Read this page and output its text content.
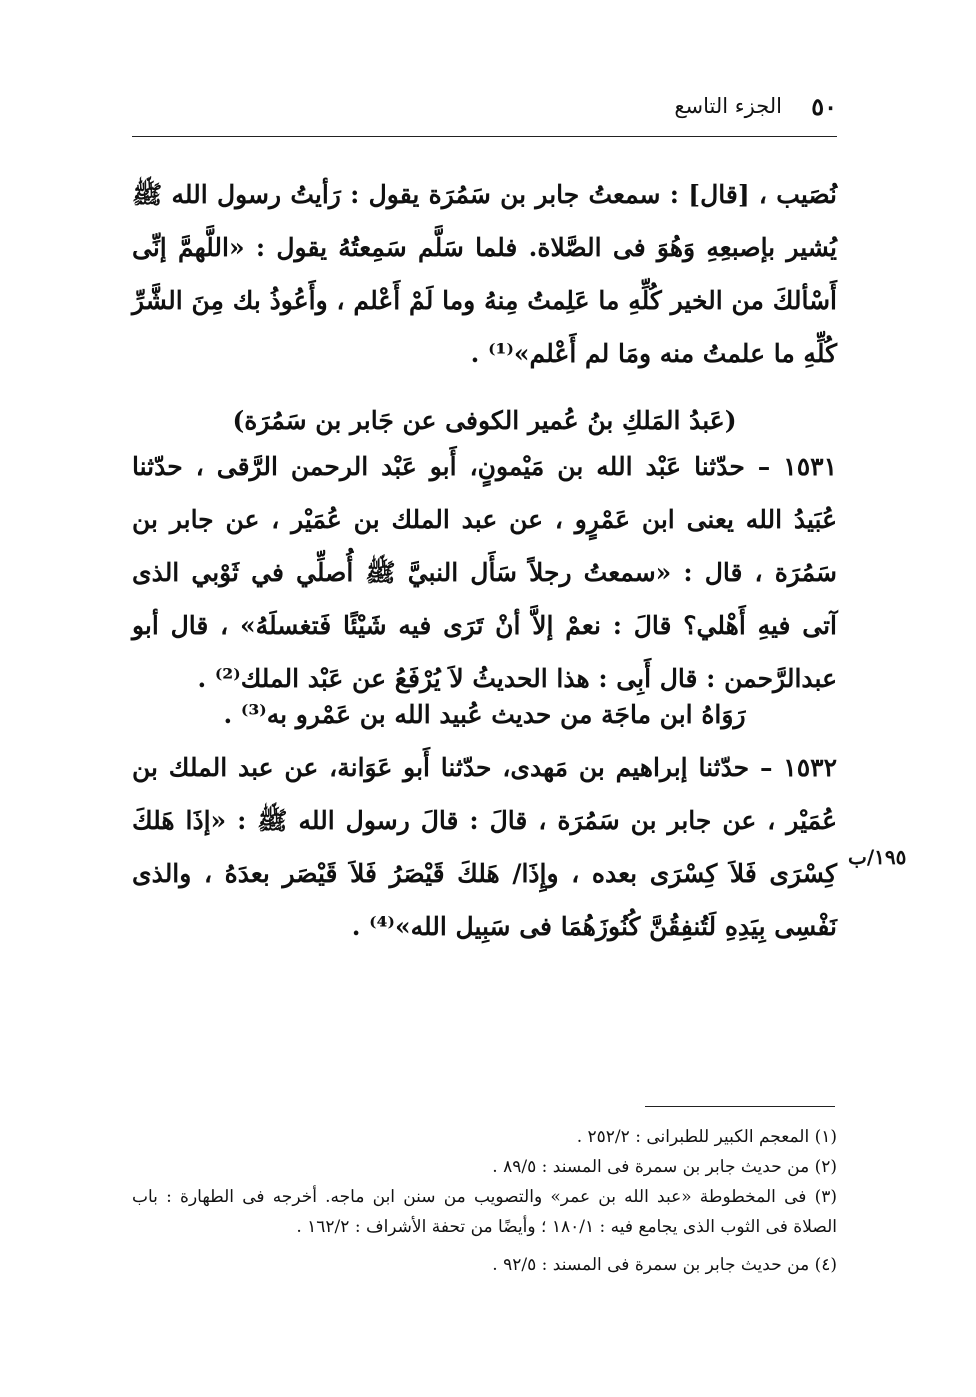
٥٠
الجزء التاسع

نُصَيب ، [قال] : سمعتُ جابر بن سَمُرَة يقول : رَأيتُ رسول الله ﷺ يُشير بإصبعِهِ وَهُوَ فى الصَّلاة. فلما سَلَّم سَمِعتُهُ يقول : «اللَّهمَّ إنِّى أَسْألكَ من الخير كُلِّهِ ما عَلِمتُ مِنهُ وما لَمْ أَعْلم ، وأَعُوذُ بك مِنَ الشَّرِّ كُلِّهِ ما علمتُ منه ومَا لم أَعْلم»⁽¹⁾ .

(عَبدُ المَلكِ بنُ عُمير الكوفى عن جَابر بن سَمُرَة)

١٥٣١ – حدّثنا عَبْد الله بن مَيْمونٍ، أَبو عَبْد الرحمن الرَّقى ، حدّثنا عُبَيدُ الله يعنى ابن عَمْرٍو ، عن عبد الملك بن عُمَيْر ، عن جابر بن سَمُرَة ، قال : «سمعتُ رجلاً سَأَل النبيَّ ﷺ أُصلِّي في ثَوْبي الذى آتى فيهِ أَهْلي؟ قالَ : نعمْ إلاَّ أنْ تَرَى فيه شَيْئًا فَتغسلَهُ» ، قال أبو عبدالرَّحمن : قال أَبِى : هذا الحديثُ لاَ يُرْفَعُ عن عَبْد الملك⁽²⁾ .

رَوَاهُ ابن ماجَة من حديث عُبيد الله بن عَمْرو به⁽³⁾ .

١٥٣٢ – حدّثنا إبراهيم بن مَهدى، حدّثنا أَبو عَوَانة، عن عبد الملك بن عُمَيْر ، عن جابر بن سَمُرَة ، قالَ : قالَ رسول الله ﷺ : «إذَا هَلكَ كِسْرَى فَلاَ كِسْرَى بعده ، وإِذَا/ هَلكَ قَيْصَرُ فَلاَ قَيْصَر بعدَهُ ، والذى نَفْسِى بِيَدِهِ لَتُنفِقُنَّ كُنُوزَهُمَا فى سَبِيل الله»⁽⁴⁾ .

١٩٥/ب

(١) المعجم الكبير للطبرانى : ٢٥٢/٢ .

(٢) من حديث جابر بن سمرة فى المسند : ٨٩/٥ .

(٣) فى المخطوطة «عبد الله بن عمر» والتصويب من سنن ابن ماجه. أخرجه فى الطهارة : باب الصلاة فى الثوب الذى يجامع فيه : ١٨٠/١ ؛ وأيضًا من تحفة الأشراف : ١٦٢/٢ .

(٤) من حديث جابر بن سمرة فى المسند : ٩٢/٥ .
